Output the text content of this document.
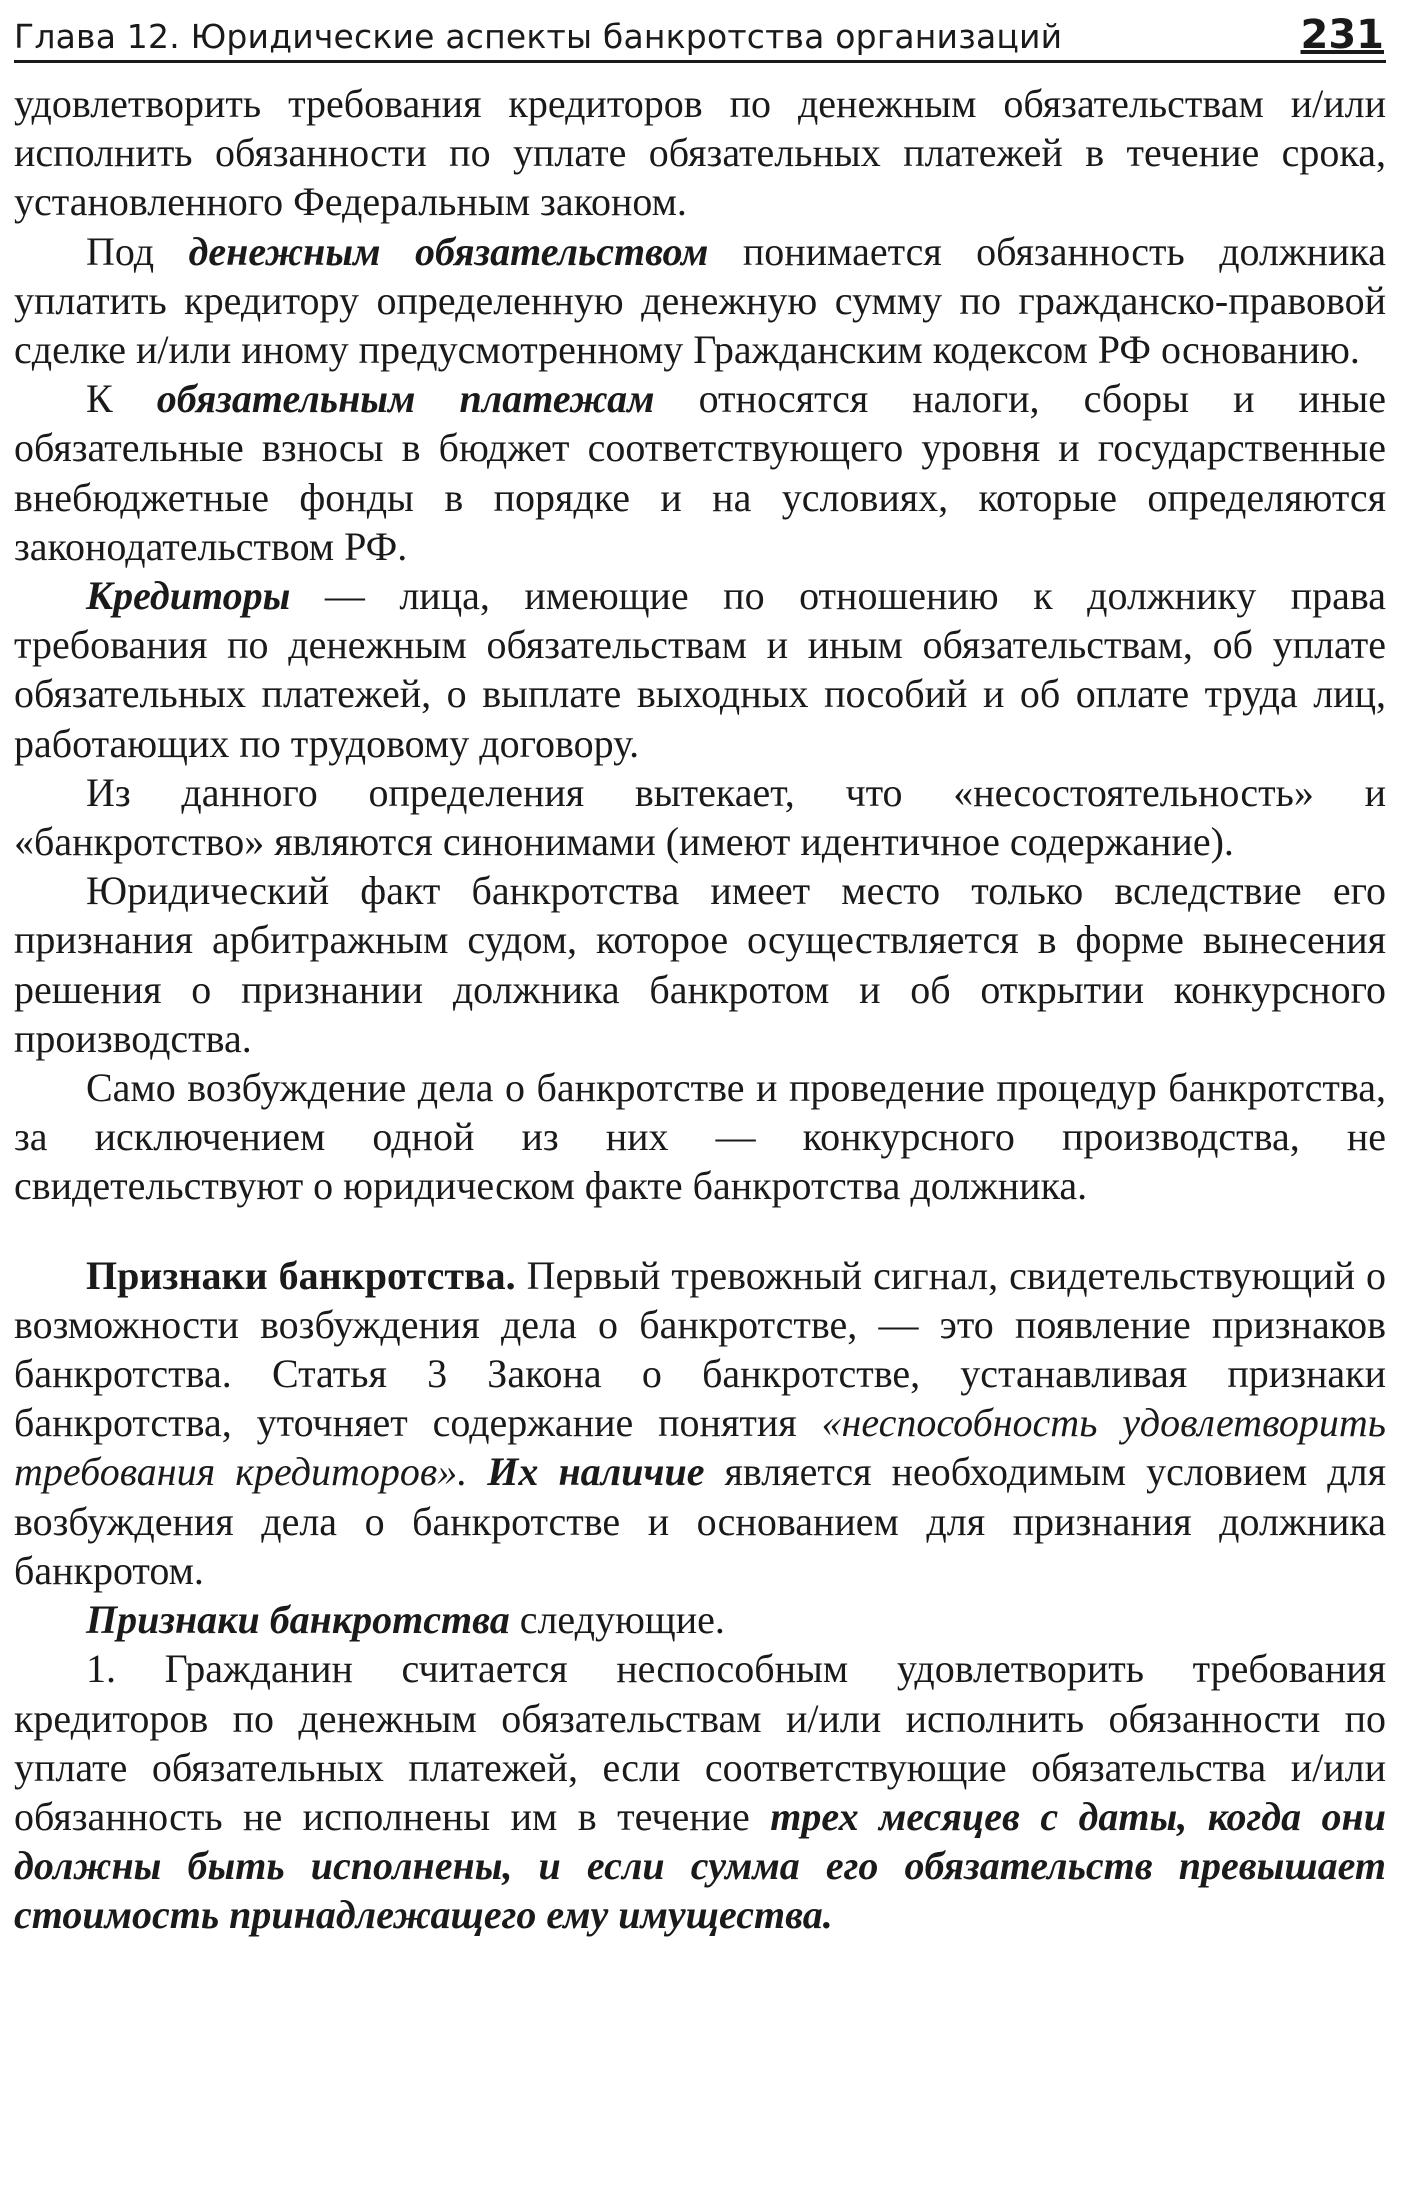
Глава 12. Юридические аспекты банкротства организаций	231

удовлетворить требования кредиторов по денежным обязательствам и/или исполнить обязанности по уплате обязательных платежей в течение срока, установленного Федеральным законом.

Под денежным обязательством понимается обязанность должника уплатить кредитору определенную денежную сумму по гражданско-правовой сделке и/или иному предусмотренному Гражданским кодексом РФ основанию.

К обязательным платежам относятся налоги, сборы и иные обязательные взносы в бюджет соответствующего уровня и государственные внебюджетные фонды в порядке и на условиях, которые определяются законодательством РФ.

Кредиторы — лица, имеющие по отношению к должнику права требования по денежным обязательствам и иным обязательствам, об уплате обязательных платежей, о выплате выходных пособий и об оплате труда лиц, работающих по трудовому договору.

Из данного определения вытекает, что «несостоятельность» и «банкротство» являются синонимами (имеют идентичное содержание).

Юридический факт банкротства имеет место только вследствие его признания арбитражным судом, которое осуществляется в форме вынесения решения о признании должника банкротом и об открытии конкурсного производства.

Само возбуждение дела о банкротстве и проведение процедур банкротства, за исключением одной из них — конкурсного производства, не свидетельствуют о юридическом факте банкротства должника.

Признаки банкротства. Первый тревожный сигнал, свидетельствующий о возможности возбуждения дела о банкротстве, — это появление признаков банкротства. Статья 3 Закона о банкротстве, устанавливая признаки банкротства, уточняет содержание понятия «неспособность удовлетворить требования кредиторов». Их наличие является необходимым условием для возбуждения дела о банкротстве и основанием для признания должника банкротом.

Признаки банкротства следующие.

1. Гражданин считается неспособным удовлетворить требования кредиторов по денежным обязательствам и/или исполнить обязанности по уплате обязательных платежей, если соответствующие обязательства и/или обязанность не исполнены им в течение трех месяцев с даты, когда они должны быть исполнены, и если сумма его обязательств превышает стоимость принадлежащего ему имущества.
